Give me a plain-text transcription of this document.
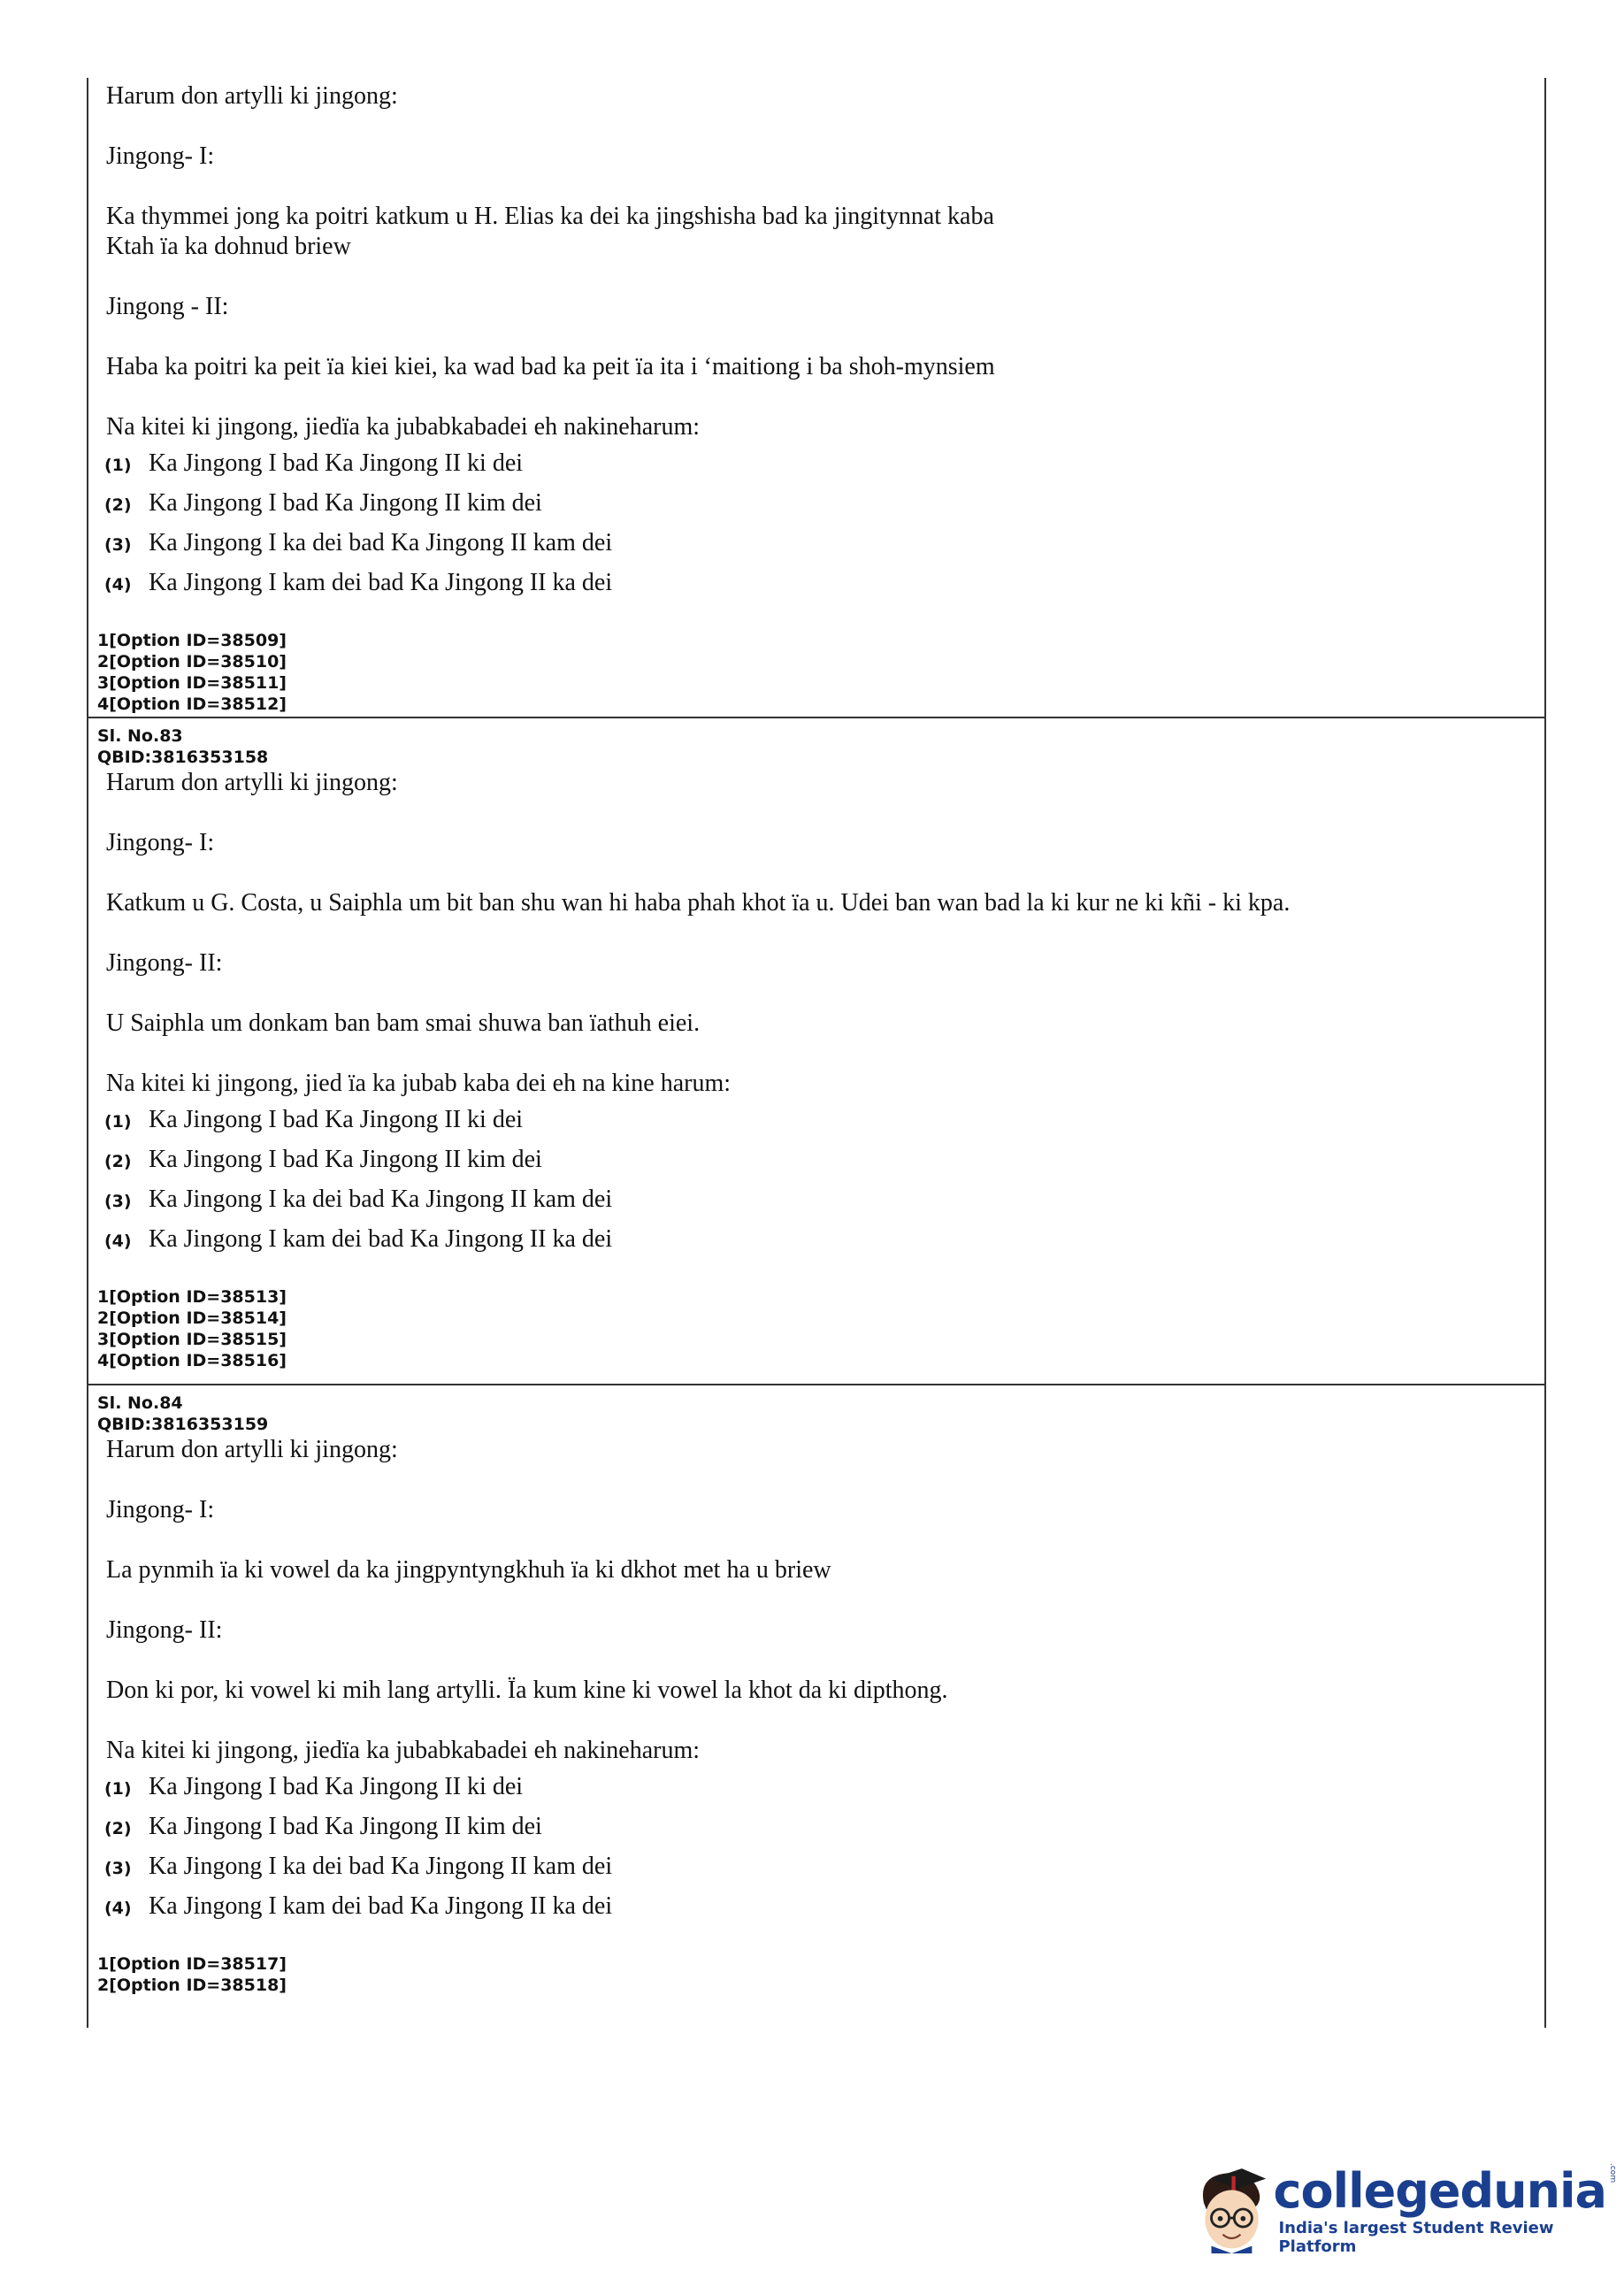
Harum don artylli ki jingong:
Jingong- I:
Ka thymmei jong ka poitri katkum u H. Elias ka dei ka jingshisha bad ka jingitynnat kaba
Ktah ïa ka dohnud briew
Jingong - II:
Haba ka poitri ka peit ïa kiei kiei, ka wad bad ka peit ïa ita i ‘maitiong i ba shoh-mynsiem
Na kitei ki jingong, jiedïa ka jubabkabadei eh nakineharum:
(1) Ka Jingong I bad Ka Jingong II ki dei
(2) Ka Jingong I bad Ka Jingong II kim dei
(3) Ka Jingong I ka dei bad Ka Jingong II kam dei
(4) Ka Jingong I kam dei bad Ka Jingong II ka dei
1[Option ID=38509]
2[Option ID=38510]
3[Option ID=38511]
4[Option ID=38512]
Sl. No.83
QBID:3816353158
Harum don artylli ki jingong:
Jingong- I:
Katkum u G. Costa, u Saiphla um bit ban shu wan hi haba phah khot ïa u. Udei ban wan bad la ki kur ne ki kñi - ki kpa.
Jingong- II:
U Saiphla um donkam ban bam smai shuwa ban ïathuh eiei.
Na kitei ki jingong, jied ïa ka jubab kaba dei eh na kine harum:
(1) Ka Jingong I bad Ka Jingong II ki dei
(2) Ka Jingong I bad Ka Jingong II kim dei
(3) Ka Jingong I ka dei bad Ka Jingong II kam dei
(4) Ka Jingong I kam dei bad Ka Jingong II ka dei
1[Option ID=38513]
2[Option ID=38514]
3[Option ID=38515]
4[Option ID=38516]
Sl. No.84
QBID:3816353159
Harum don artylli ki jingong:
Jingong- I:
La pynmih ïa ki vowel da ka jingpyntyngkhuh ïa ki dkhot met ha u briew
Jingong- II:
Don ki por, ki vowel ki mih lang artylli. Ïa kum kine ki vowel la khot da ki dipthong.
Na kitei ki jingong, jiedïa ka jubabkabadei eh nakineharum:
(1) Ka Jingong I bad Ka Jingong II ki dei
(2) Ka Jingong I bad Ka Jingong II kim dei
(3) Ka Jingong I ka dei bad Ka Jingong II kam dei
(4) Ka Jingong I kam dei bad Ka Jingong II ka dei
1[Option ID=38517]
2[Option ID=38518]
collegedunia .com
India's largest Student Review Platform
